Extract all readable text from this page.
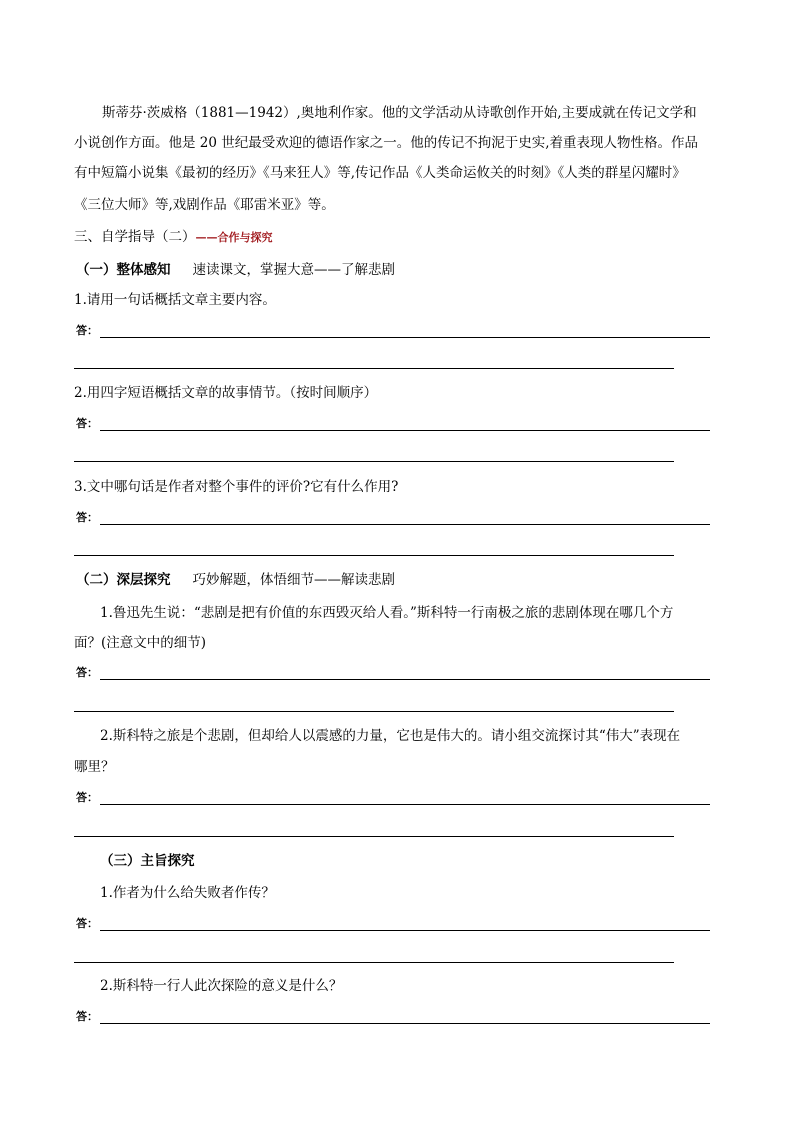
斯蒂芬·茨威格（1881—1942）,奥地利作家。他的文学活动从诗歌创作开始,主要成就在传记文学和
小说创作方面。他是 20 世纪最受欢迎的德语作家之一。他的传记不拘泥于史实,着重表现人物性格。作品
有中短篇小说集《最初的经历》《马来狂人》等,传记作品《人类命运攸关的时刻》《人类的群星闪耀时》
《三位大师》等,戏剧作品《耶雷米亚》等。
三、自学指导（二）——合作与探究
（一）整体感知 速读课文，掌握大意——了解悲剧
1.请用一句话概括文章主要内容。
答：
2.用四字短语概括文章的故事情节。（按时间顺序）
答：
3.文中哪句话是作者对整个事件的评价?它有什么作用?
答：
（二）深层探究 巧妙解题，体悟细节——解读悲剧
1.鲁迅先生说：“悲剧是把有价值的东西毁灭给人看。”斯科特一行南极之旅的悲剧体现在哪几个方
面？(注意文中的细节)
答：
2.斯科特之旅是个悲剧，但却给人以震感的力量，它也是伟大的。请小组交流探讨其“伟大”表现在
哪里？
答：
（三）主旨探究
1.作者为什么给失败者作传？
答：
2.斯科特一行人此次探险的意义是什么？
答：
